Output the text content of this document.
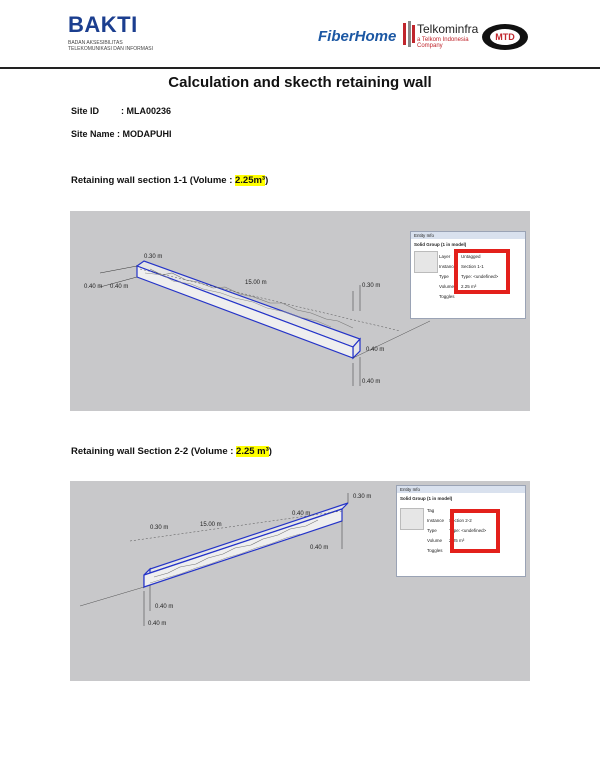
BAKTI
BADAN AKSESIBILITAS TELEKOMUNIKASI DAN INFORMASI
FiberHome Telkominfra
a Telkom Indonesia Company
MTD
Calculation and skecth retaining wall
Site ID : MLA00236
Site Name : MODAPUHI
Retaining wall section 1-1 (Volume : 2.25m³)
0.30 m
0.40 m 0.40 m
15.00 m	0.30 m
0.40 m
0.40 m
Entity Info
Solid Group (1 in model)
Layer Untagged
Instance Section 1-1
Type	Type: <undefined>
Volume 2.25 m³
Toggles
Retaining wall Section 2-2 (Volume : 2.25 m³)
0.30 m	15.00 m
0.40 m
0.30 m
0.40 m
0.40 m
0.40 m
Entity Info
Solid Group (1 in model)
Tag
Instance Section 2-2
Type	Type: <undefined>
Volume 2.25 m³
Toggles
